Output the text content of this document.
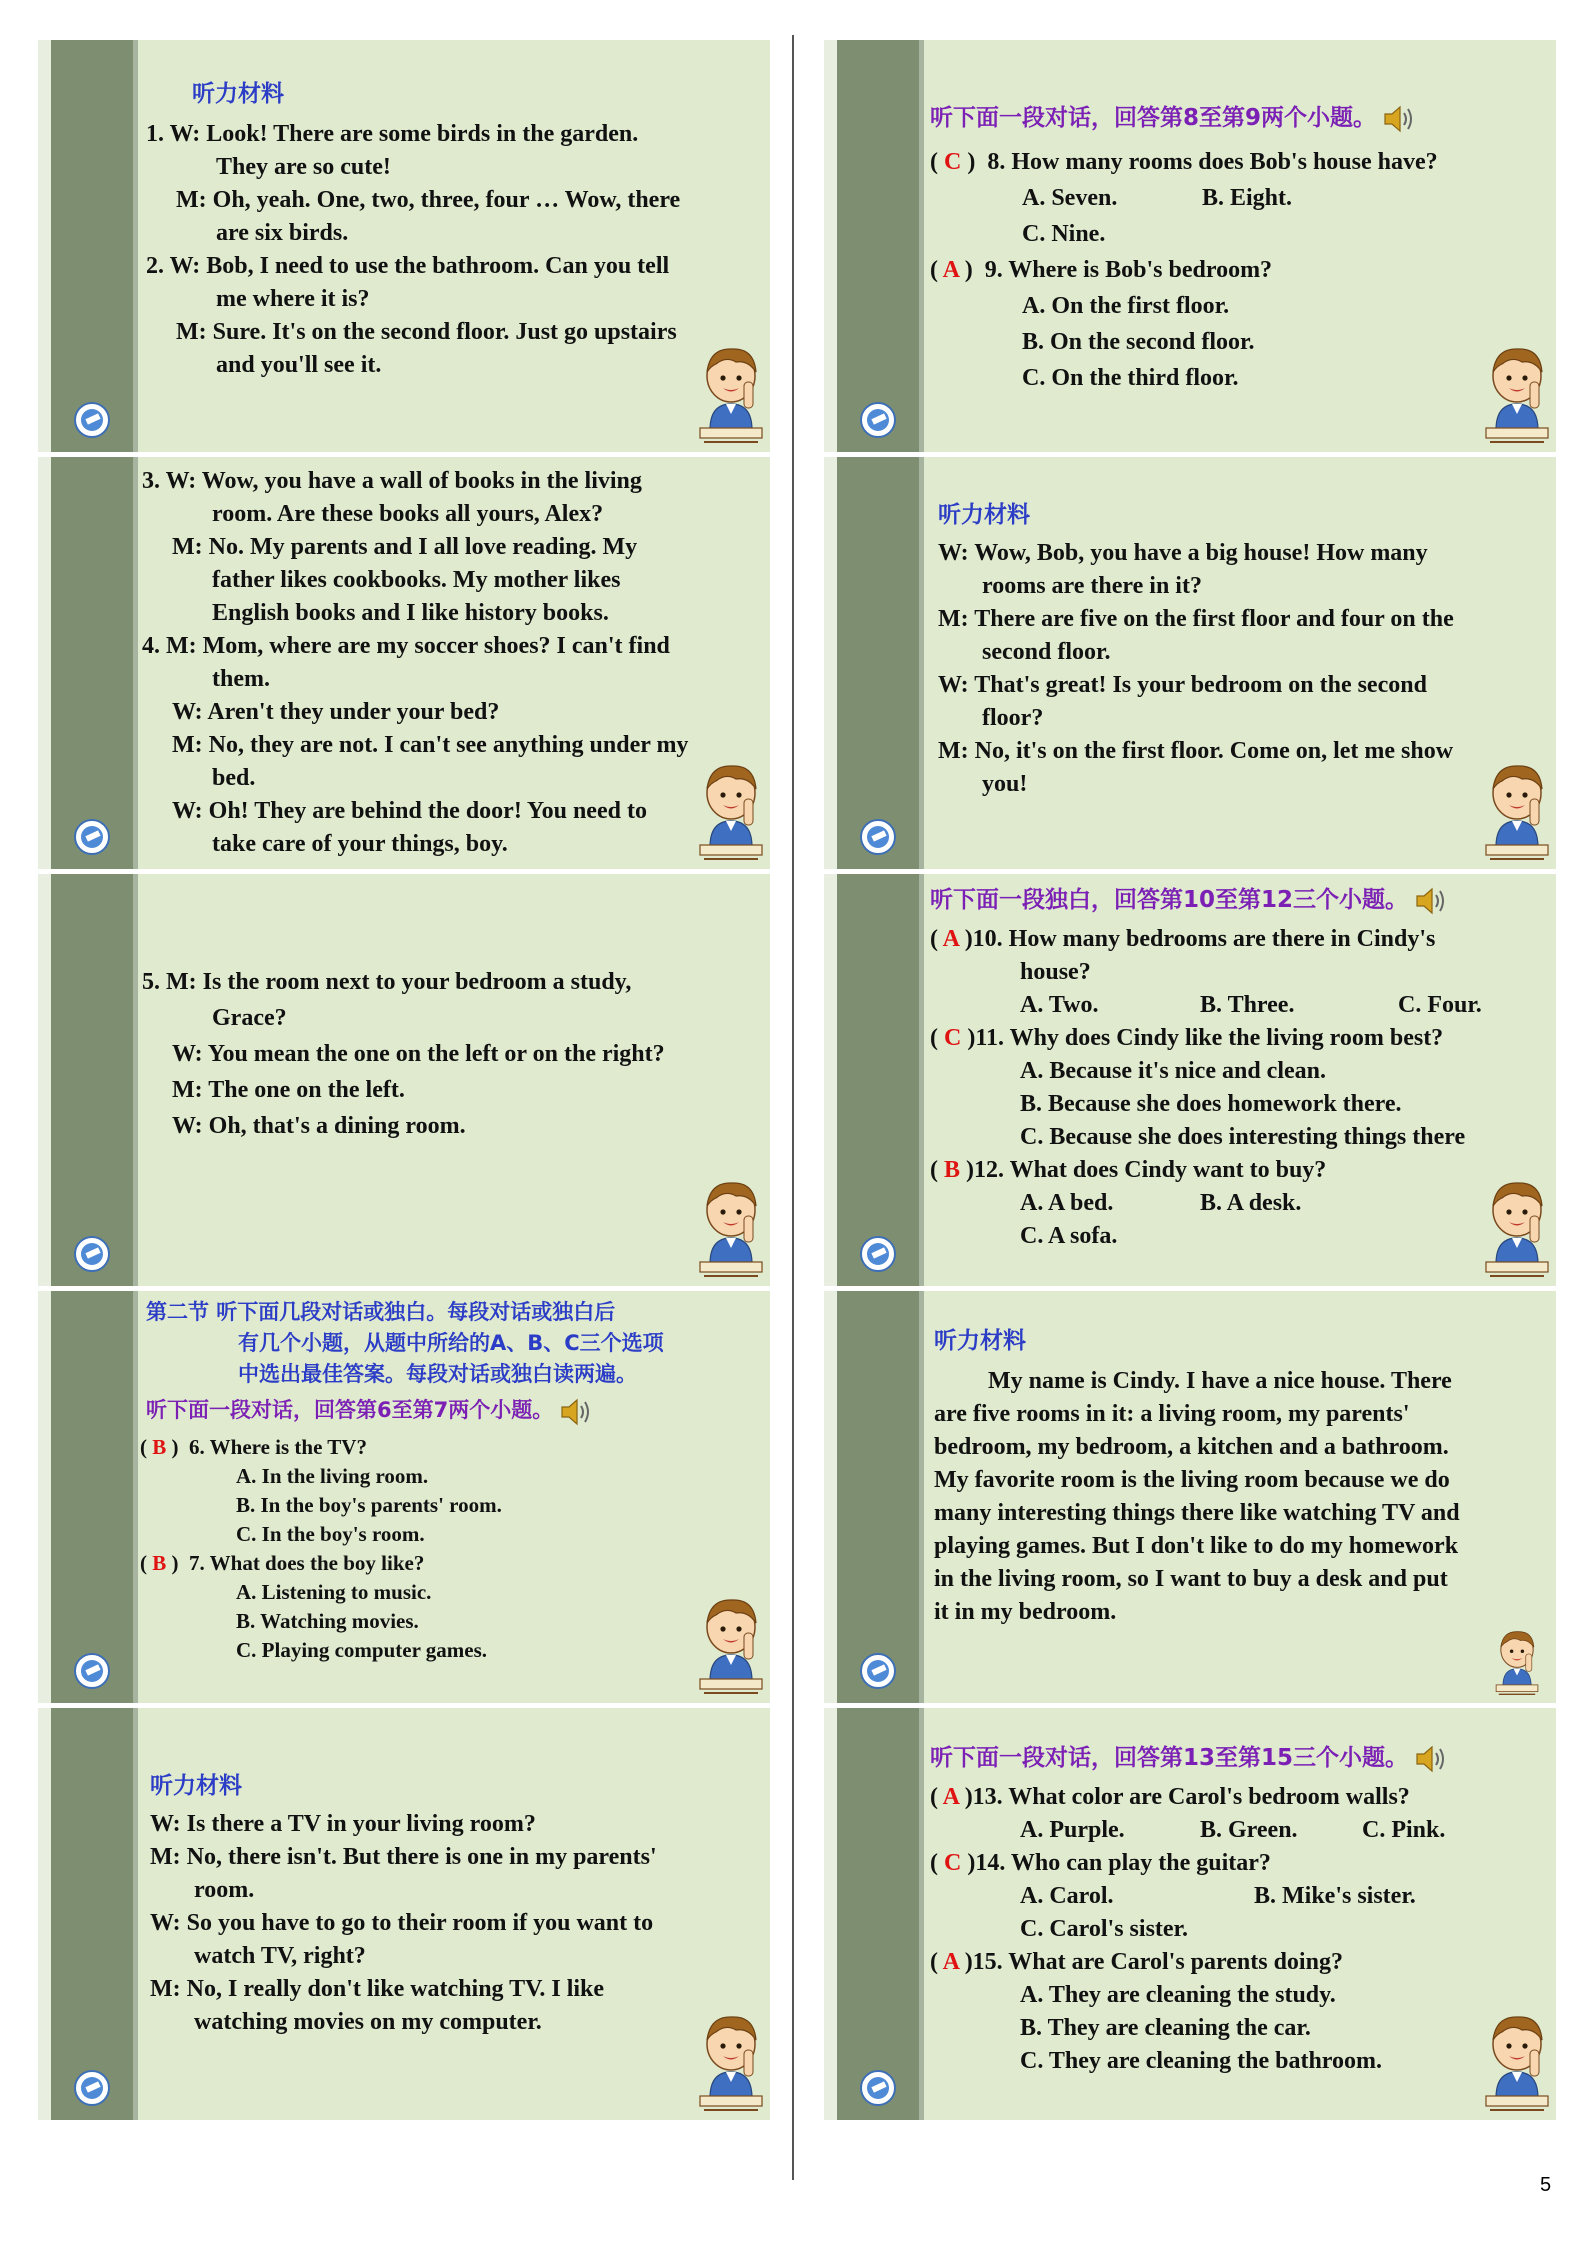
听力材料

1. W: Look! There are some birds in the garden.

They are so cute!

M: Oh, yeah. One, two, three, four … Wow, there

are six birds.

2. W: Bob, I need to use the bathroom. Can you tell

me where it is?

M: Sure. It's on the second floor. Just go upstairs

and you'll see it.

3. W: Wow, you have a wall of books in the living

room. Are these books all yours, Alex?

M: No. My parents and I all love reading. My

father likes cookbooks. My mother likes

English books and I like history books.

4. M: Mom, where are my soccer shoes? I can't find

them.

W: Aren't they under your bed?

M: No, they are not. I can't see anything under my

bed.

W: Oh! They are behind the door! You need to

take care of your things, boy.

5. M: Is the room next to your bedroom a study,

Grace?

W: You mean the one on the left or on the right?

M: The one on the left.

W: Oh, that's a dining room.

第二节 听下面几段对话或独白。每段对话或独白后

有几个小题，从题中所给的A、B、C三个选项

中选出最佳答案。每段对话或独白读两遍。

听下面一段对话，回答第6至第7两个小题。

( B )  6. Where is the TV?

A. In the living room.

B. In the boy's parents' room.

C. In the boy's room.

( B )  7. What does the boy like?

A. Listening to music.

B. Watching movies.

C. Playing computer games.

听力材料

W: Is there a TV in your living room?

M: No, there isn't. But there is one in my parents'

room.

W: So you have to go to their room if you want to

watch TV, right?

M: No, I really don't like watching TV. I like

watching movies on my computer.

听下面一段对话，回答第8至第9两个小题。

( C )  8. How many rooms does Bob's house have?

A. Seven.	B. Eight.

C. Nine.

( A )  9. Where is Bob's bedroom?

A. On the first floor.

B. On the second floor.

C. On the third floor.

听力材料

W: Wow, Bob, you have a big house! How many

rooms are there in it?

M: There are five on the first floor and four on the

second floor.

W: That's great! Is your bedroom on the second

floor?

M: No, it's on the first floor. Come on, let me show

you!

听下面一段独白，回答第10至第12三个小题。

( A )10. How many bedrooms are there in Cindy's

house?

A. Two.	B. Three.	C. Four.

( C )11. Why does Cindy like the living room best?

A. Because it's nice and clean.

B. Because she does homework there.

C. Because she does interesting things there

( B )12. What does Cindy want to buy?

A. A bed.	B. A desk.

C. A sofa.

听力材料

My name is Cindy. I have a nice house. There

are five rooms in it: a living room, my parents'

bedroom, my bedroom, a kitchen and a bathroom.

My favorite room is the living room because we do

many interesting things there like watching TV and

playing games. But I don't like to do my homework

in the living room, so I want to buy a desk and put

it in my bedroom.

听下面一段对话，回答第13至第15三个小题。

( A )13. What color are Carol's bedroom walls?

A. Purple.	B. Green.	C. Pink.

( C )14. Who can play the guitar?

A. Carol.	B. Mike's sister.

C. Carol's sister.

( A )15. What are Carol's parents doing?

A. They are cleaning the study.

B. They are cleaning the car.

C. They are cleaning the bathroom.

5
